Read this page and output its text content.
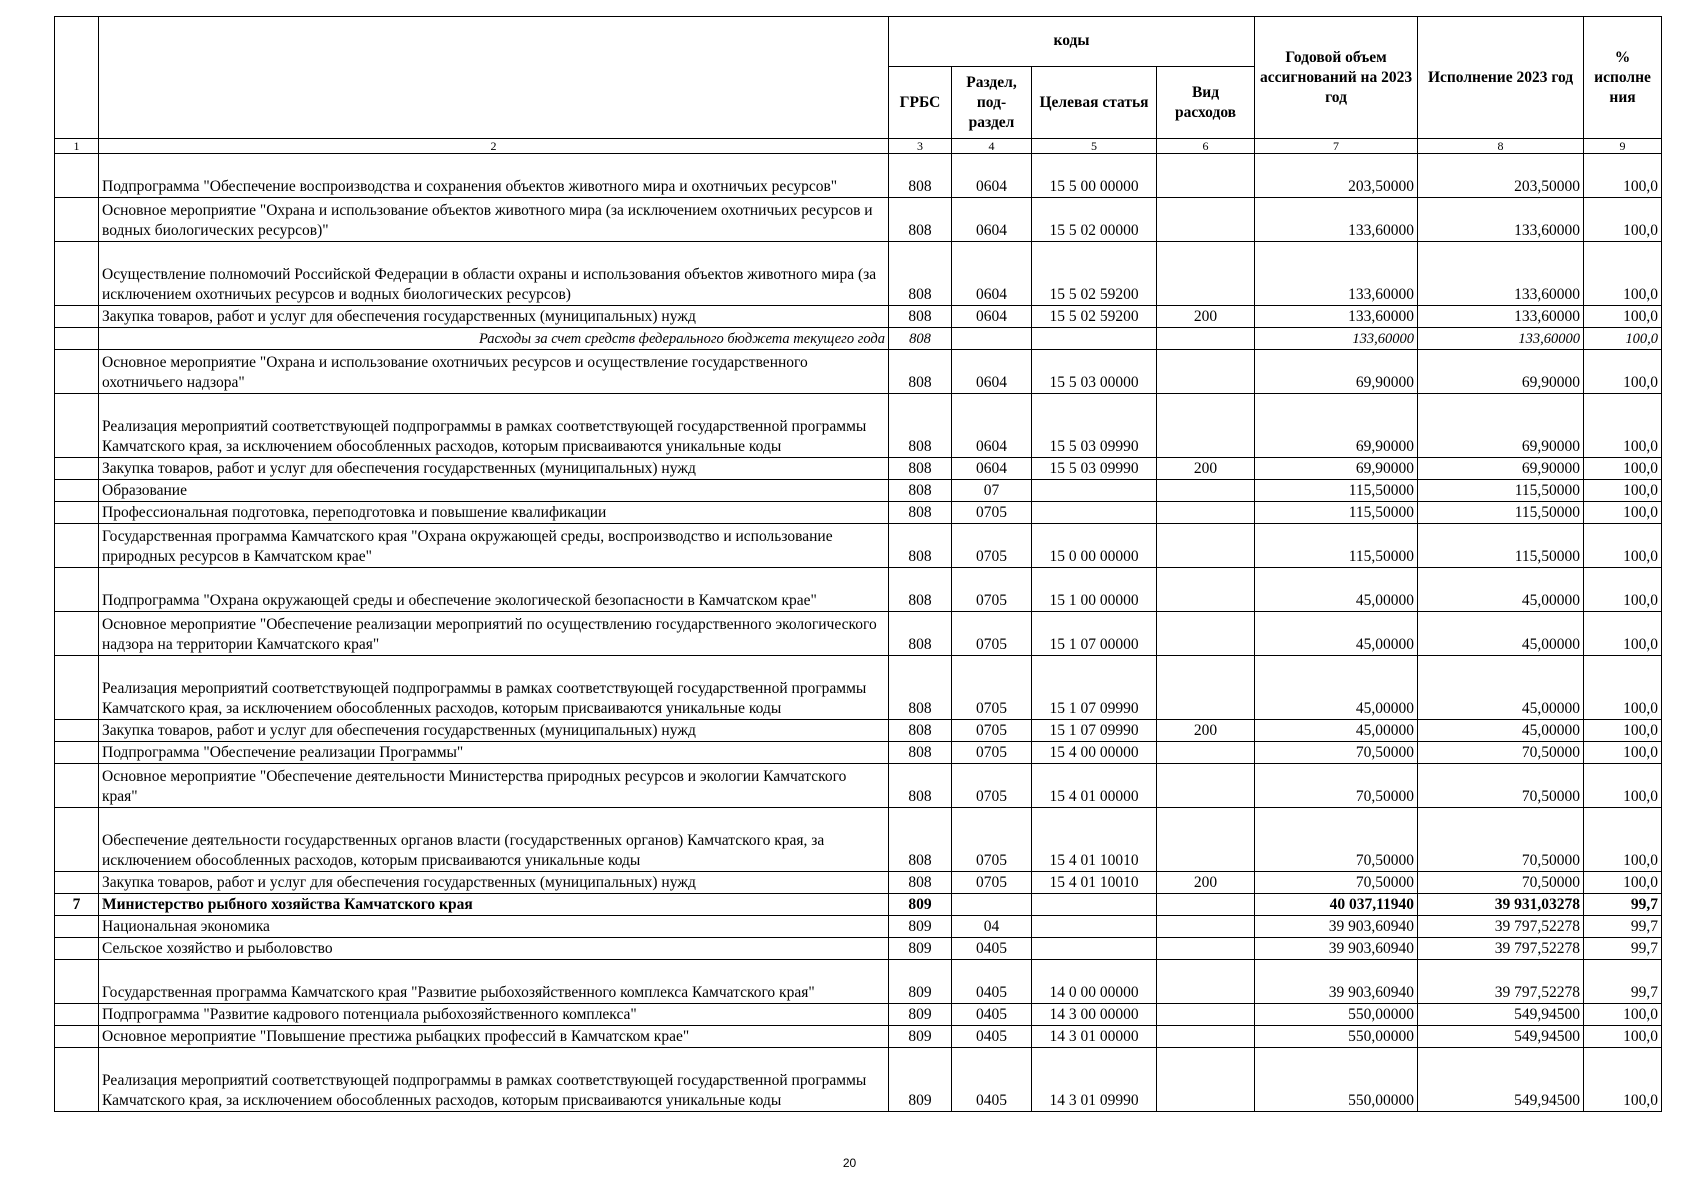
		коды				Годовой объем ассигнований на 2023 год	Исполнение 2023 год	% исполне ния
		ГРБС	Раздел, под-раздел	Целевая статья	Вид расходов			
1	2	3	4	5	6	7	8	9
	Подпрограмма "Обеспечение воспроизводства и сохранения объектов животного мира и охотничьих ресурсов"	808	0604	15 5 00 00000		203,50000	203,50000	100,0
	Основное мероприятие "Охрана и использование объектов животного мира (за исключением охотничьих ресурсов и водных биологических ресурсов)"	808	0604	15 5 02 00000		133,60000	133,60000	100,0
	Осуществление полномочий Российской Федерации в области охраны и использования объектов животного мира (за исключением охотничьих ресурсов и водных биологических ресурсов)	808	0604	15 5 02 59200		133,60000	133,60000	100,0
	Закупка товаров, работ и услуг для обеспечения государственных (муниципальных) нужд	808	0604	15 5 02 59200	200	133,60000	133,60000	100,0
	Расходы за счет средств федерального бюджета текущего года	808				133,60000	133,60000	100,0
	Основное мероприятие "Охрана и использование охотничьих ресурсов и осуществление государственного охотничьего надзора"	808	0604	15 5 03 00000		69,90000	69,90000	100,0
	Реализация мероприятий соответствующей подпрограммы в рамках соответствующей государственной программы Камчатского края, за исключением обособленных расходов, которым присваиваются уникальные коды	808	0604	15 5 03 09990		69,90000	69,90000	100,0
	Закупка товаров, работ и услуг для обеспечения государственных (муниципальных) нужд	808	0604	15 5 03 09990	200	69,90000	69,90000	100,0
	Образование	808	07			115,50000	115,50000	100,0
	Профессиональная подготовка, переподготовка и повышение квалификации	808	0705			115,50000	115,50000	100,0
	Государственная программа Камчатского края "Охрана окружающей среды, воспроизводство и использование природных ресурсов в Камчатском крае"	808	0705	15 0 00 00000		115,50000	115,50000	100,0
	Подпрограмма "Охрана окружающей среды и обеспечение экологической безопасности в Камчатском крае"	808	0705	15 1 00 00000		45,00000	45,00000	100,0
	Основное мероприятие "Обеспечение реализации мероприятий по осуществлению государственного экологического надзора на территории Камчатского края"	808	0705	15 1 07 00000		45,00000	45,00000	100,0
	Реализация мероприятий соответствующей подпрограммы в рамках соответствующей государственной программы Камчатского края, за исключением обособленных расходов, которым присваиваются уникальные коды	808	0705	15 1 07 09990		45,00000	45,00000	100,0
	Закупка товаров, работ и услуг для обеспечения государственных (муниципальных) нужд	808	0705	15 1 07 09990	200	45,00000	45,00000	100,0
	Подпрограмма "Обеспечение реализации Программы"	808	0705	15 4 00 00000		70,50000	70,50000	100,0
	Основное мероприятие "Обеспечение деятельности Министерства природных ресурсов и экологии Камчатского края"	808	0705	15 4 01 00000		70,50000	70,50000	100,0
	Обеспечение деятельности государственных органов власти (государственных органов) Камчатского края, за исключением обособленных расходов, которым присваиваются уникальные коды	808	0705	15 4 01 10010		70,50000	70,50000	100,0
	Закупка товаров, работ и услуг для обеспечения государственных (муниципальных) нужд	808	0705	15 4 01 10010	200	70,50000	70,50000	100,0
7	Министерство рыбного хозяйства Камчатского края	809				40 037,11940	39 931,03278	99,7
	Национальная экономика	809	04			39 903,60940	39 797,52278	99,7
	Сельское хозяйство и рыболовство	809	0405			39 903,60940	39 797,52278	99,7
	Государственная программа Камчатского края "Развитие рыбохозяйственного комплекса Камчатского края"	809	0405	14 0 00 00000		39 903,60940	39 797,52278	99,7
	Подпрограмма "Развитие кадрового потенциала рыбохозяйственного комплекса"	809	0405	14 3 00 00000		550,00000	549,94500	100,0
	Основное мероприятие "Повышение престижа рыбацких профессий в Камчатском крае"	809	0405	14 3 01 00000		550,00000	549,94500	100,0
	Реализация мероприятий соответствующей подпрограммы в рамках соответствующей государственной программы Камчатского края, за исключением обособленных расходов, которым присваиваются уникальные коды	809	0405	14 3 01 09990		550,00000	549,94500	100,0
20
